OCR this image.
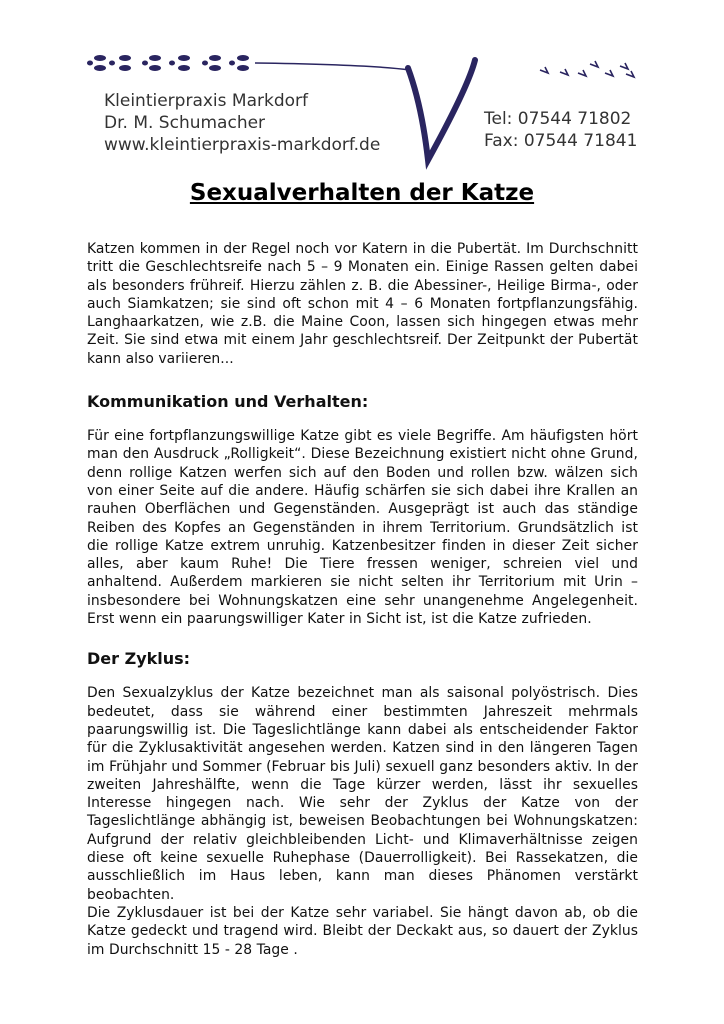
Kleintierpraxis Markdorf
Dr. M. Schumacher
www.kleintierpraxis-markdorf.de
Tel: 07544 71802
Fax: 07544 71841
Sexualverhalten der Katze

Katzen kommen in der Regel noch vor Katern in die Pubertät. Im Durchschnitt tritt die Geschlechtsreife nach 5 – 9 Monaten ein. Einige Rassen gelten dabei als besonders frühreif. Hierzu zählen z. B. die Abessiner-, Heilige Birma-, oder auch Siamkatzen; sie sind oft schon mit 4 – 6 Monaten fortpflanzungsfähig. Langhaarkatzen, wie z.B. die Maine Coon, lassen sich hingegen etwas mehr Zeit. Sie sind etwa mit einem Jahr geschlechtsreif. Der Zeitpunkt der Pubertät kann also variieren...

Kommunikation und Verhalten:

Für eine fortpflanzungswillige Katze gibt es viele Begriffe. Am häufigsten hört man den Ausdruck „Rolligkeit“. Diese Bezeichnung existiert nicht ohne Grund, denn rollige Katzen werfen sich auf den Boden und rollen bzw. wälzen sich von einer Seite auf die andere. Häufig schärfen sie sich dabei ihre Krallen an rauhen Oberflächen und Gegenständen. Ausgeprägt ist auch das ständige Reiben des Kopfes an Gegenständen in ihrem Territorium. Grundsätzlich ist die rollige Katze extrem unruhig. Katzenbesitzer finden in dieser Zeit sicher alles, aber kaum Ruhe! Die Tiere fressen weniger, schreien viel und anhaltend. Außerdem markieren sie nicht selten ihr Territorium mit Urin – insbesondere bei Wohnungskatzen eine sehr unangenehme Angelegenheit. Erst wenn ein paarungswilliger Kater in Sicht ist, ist die Katze zufrieden.

Der Zyklus:

Den Sexualzyklus der Katze bezeichnet man als saisonal polyöstrisch. Dies bedeutet, dass sie während einer bestimmten Jahreszeit mehrmals paarungswillig ist. Die Tageslichtlänge kann dabei als entscheidender Faktor für die Zyklusaktivität angesehen werden. Katzen sind in den längeren Tagen im Frühjahr und Sommer (Februar bis Juli) sexuell ganz besonders aktiv. In der zweiten Jahreshälfte, wenn die Tage kürzer werden, lässt ihr sexuelles Interesse hingegen nach. Wie sehr der Zyklus der Katze von der Tageslichtlänge abhängig ist, beweisen Beobachtungen bei Wohnungskatzen: Aufgrund der relativ gleichbleibenden Licht- und Klimaverhältnisse zeigen diese oft keine sexuelle Ruhephase (Dauerrolligkeit). Bei Rassekatzen, die ausschließlich im Haus leben, kann man dieses Phänomen verstärkt beobachten.

Die Zyklusdauer ist bei der Katze sehr variabel. Sie hängt davon ab, ob die Katze gedeckt und tragend wird. Bleibt der Deckakt aus, so dauert der Zyklus im Durchschnitt 15 - 28 Tage .
